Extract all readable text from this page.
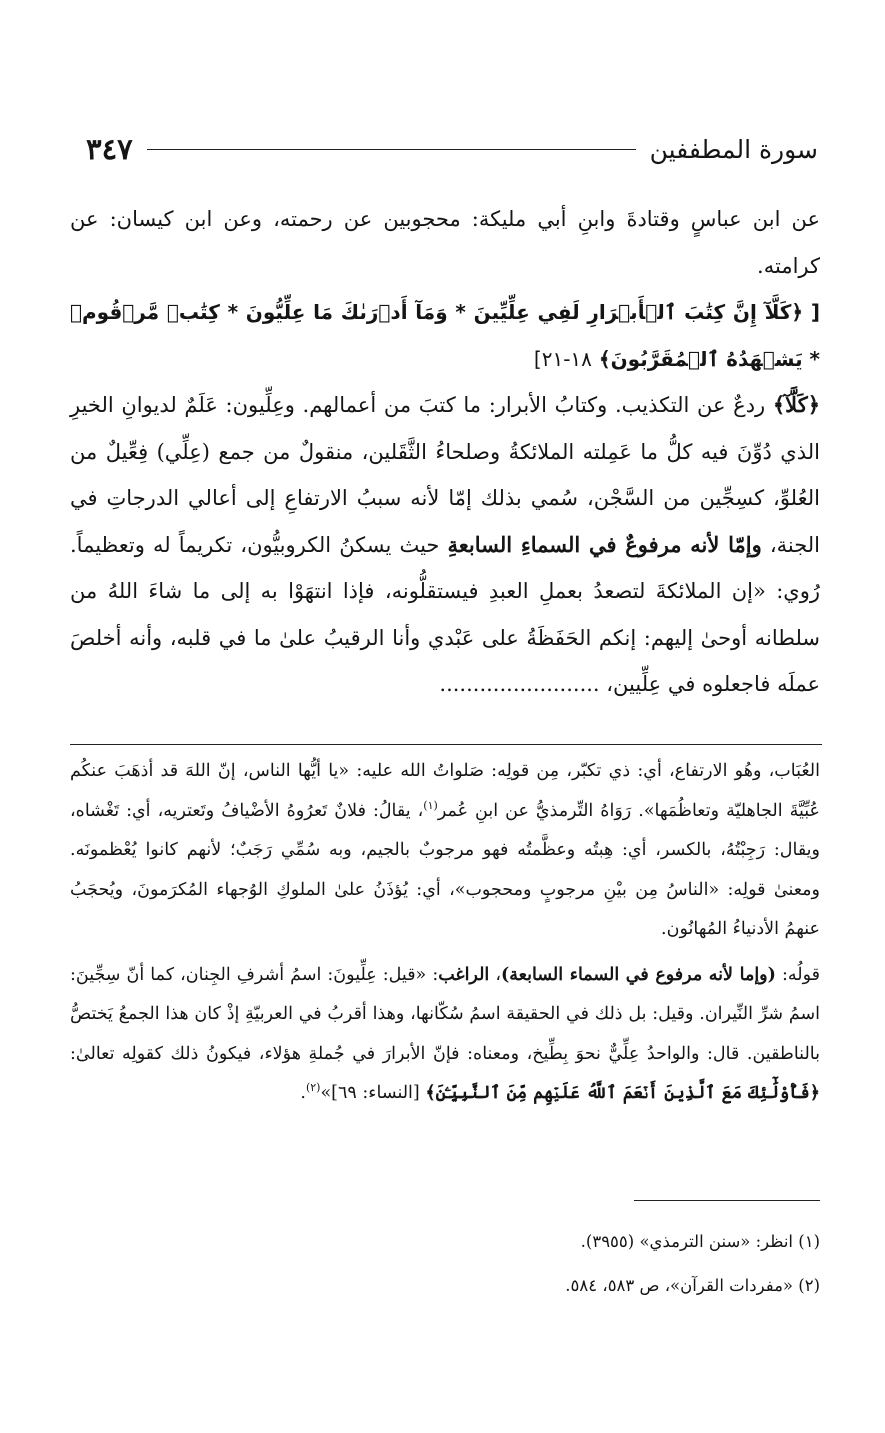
سورة المطففين
٣٤٧

عن ابن عباسٍ وقتادةَ وابنِ أبي مليكة: محجوبين عن رحمته، وعن ابن كيسان: عن كرامته.

[ ﴿كَلَّآ إِنَّ كِتَٰبَ ٱلۡأَبۡرَارِ لَفِي عِلِّيِّينَ * وَمَآ أَدۡرَىٰكَ مَا عِلِّيُّونَ * كِتَٰبٞ مَّرۡقُومٞ * يَشۡهَدُهُ ٱلۡمُقَرَّبُونَ﴾ ١٨-٢١]

﴿كَلَّآ﴾ ردعٌ عن التكذيب. وكتابُ الأبرار: ما كتبَ من أعمالهم. وعِلِّيون: عَلَمٌ لديوانِ الخيرِ الذي دُوِّنَ فيه كلُّ ما عَمِلته الملائكةُ وصلحاءُ الثَّقَلين، منقولٌ من جمع (عِلِّي) فِعِّيلٌ من العُلوِّ، كسِجِّين من السَّجْن، سُمي بذلك إمّا لأنه سببُ الارتفاعِ إلى أعالي الدرجاتِ في الجنة، وإمّا لأنه مرفوعٌ في السماءِ السابعةِ حيث يسكنُ الكروبيُّون، تكريماً له وتعظيماً. رُوي: «إن الملائكةَ لتصعدُ بعملِ العبدِ فيستقلُّونه، فإذا انتهَوْا به إلى ما شاءَ اللهُ من سلطانه أوحىٰ إليهم: إنكم الحَفَظَةُ على عَبْدي وأنا الرقيبُ علىٰ ما في قلبه، وأنه أخلصَ عملَه فاجعلوه في عِلِّيين، ........................

العُبَاب، وهُو الارتفاع، أي: ذي تكبّر، مِن قولِه: صَلواتُ الله عليه: «يا أيُّها الناس، إنّ اللهَ قد أذهَبَ عنكُم عُبِّيَّةَ الجاهليّة وتعاظُمَها». رَوَاهُ التِّرمذيُّ عن ابنِ عُمر$^{(١)}$، يقالُ: فلانٌ تَعرُوهُ الأضْيافُ وتَعتريه، أي: تَغْشاه، ويقال: رَجِبْتُهُ، بالكسر، أي: هِبتُه وعظَّمتُه فهو مرجوبٌ بالجيم، وبه سُمِّي رَجَبٌ؛ لأنهم كانوا يُعْظمونَه. ومعنىٰ قولِه: «الناسُ مِن بيْنِ مرجوبٍ ومحجوب»، أي: يُؤذَنُ علىٰ الملوكِ الوُجهاء المُكرَمونَ، ويُحجَبُ عنهمُ الأدنياءُ المُهانُون.

قولُه: (وإما لأنه مرفوع في السماء السابعة)، الراغب: «قيل: عِلِّيونَ: اسمُ أشرفِ الجِنان، كما أنّ سِجِّينَ: اسمُ شرِّ النِّيران. وقيل: بل ذلك في الحقيقة اسمُ سُكّانها، وهذا أقربُ في العربيّةِ إذْ كان هذا الجمعُ يَختصُّ بالناطقين. قال: والواحدُ عِلِّيٌّ نحوَ بِطِّيخ، ومعناه: فإنّ الأبرارَ في جُملةِ هؤلاء، فيكونُ ذلك كقولِه تعالىٰ: ﴿فَأُوْلَٰٓئِكَ مَعَ ٱلَّذِينَ أَنۡعَمَ ٱللَّهُ عَلَيۡهِم مِّنَ ٱلنَّبِيِّـۧنَ﴾ [النساء: ٦٩]»$^{(٢)}$.

(١) انظر: «سنن الترمذي» (٣٩٥٥).

(٢) «مفردات القرآن»، ص ٥٨٣، ٥٨٤.
